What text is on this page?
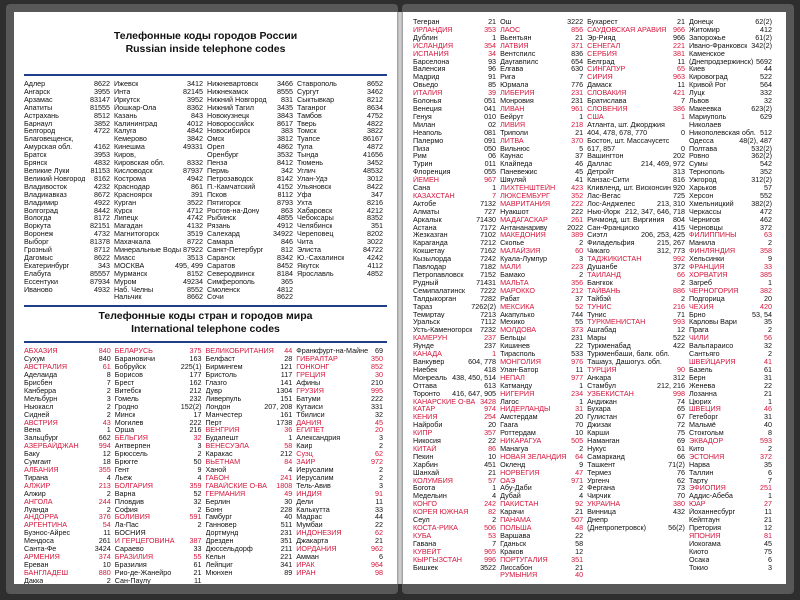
Телефонные коды городов России
Russian inside telephone codes
Адлер	8622
Ангарск	3955
Арзамас	83147
Апатиты	81555
Астрахань	8512
Барнаул	3852
Белгород	4722
Благовещенск,
Амурская обл.	4162
Братск	3953
Брянск	4832
Великие Луки	81153
Великий Новгород 8162
Владивосток	4232
Владикавказ	8672
Владимир	4922
Волгоград	8442
Вологда	8172
Воркута	82151
Воронеж	4732
Выборг	81378
Грозный	8712
Дагомыс	8622
Екатеринбург	343
Елабуга	85557
Ессентуки	87934
Иваново	4932
Ижевск	3412
Инта	82145
Иркутск	3952
Йошкар-Ола	8362
Казань	843
Калининград	4012
Калуга	4842
Кемерово	3842
Кинешма	49331
Киров,
Кировская обл.	8332
Кисловодск	87937
Кострома	4942
Краснодар	861
Красноярск	391
Курган	3522
Курск	4712
Липецк	4742
Магадан	4132
Магнитогорск	3519
Махачкала	8722
Минеральные Воды 87922
Миасс	3513
МОСКВА	495, 499
Мурманск	8152
Муром	49234
Наб. Челны	8552
Нальчик	8662
Нижневартовск	3466
Нижнекамск	8555
Нижний Новгород 831
Нижний Тагил	3435
Новокузнецк	3843
Новороссийск	8617
Новосибирск	383
Омск	3812
Орел	4862
Оренбург	3532
Пенза	8412
Пермь	342
Петрозаводск	8142
П.-Камчатский	4152
Псков	8112
Пятигорск	8793
Ростов-на-Дону	863
Рыбинск	4855
Рязань	4912
Салехард	34922
Самара	846
Санкт-Петербург 812
Саранск	8342
Саратов	8452
Северодвинск	8184
Симферополь	365
Смоленск	4812
Сочи	8622
Ставрополь	8652
Сургут	3462
Сыктывкар	8212
Таганрог	8634
Тамбов	4752
Тверь	4822
Томск	3822
Туапсе	86167
Тула	4872
Тында	41656
Тюмень	3452
Углич	48532
Улан-Удэ	3012
Ульяновск	8422
Уфа	347
Ухта	8216
Хабаровск	4212
Чебоксары	8352
Челябинск	351
Череповец	8202
Чита	3022
Элиста	84722
Ю.-Сахалинск	4242
Якутск	4112
Ярославль	4852
Телефонные коды стран и городов мира
International telephone codes
АБХАЗИЯ	840
Сухум	840
АВСТРАЛИЯ	61
Аделаида	8
Брисбен	7
Канберра	2
Мельбурн	3
Ньюкасл	2
Сидней	2
АВСТРИЯ	43
Вена	1
Зальцбург	662
АЗЕРБАЙДЖАН	994
Баку	12
Сумгаит	18
АЛБАНИЯ	355
Тирана	4
АЛЖИР	213
Алжир	2
АНГОЛА	244
Луанда	2
АНДОРРА	376
АРГЕНТИНА	54
Буэнос-Айрес	11
Мендоса	261
Санта-Фе	3424
АРМЕНИЯ	374
Ереван	10
БАНГЛАДЕШ	880
Дакка	2
БЕЛАРУСЬ	375
Барановичи	163
Бобруйск	225(1)
Борисов	177
Брест	162
Витебск	212
Гомель	232
Гродно	152(2)
Минск	17
Могилев	222
Орша	216
БЕЛЬГИЯ	32
Антверпен	3
Брюссель	2
Брюгге	50
Гент	9
Льеж	4
БОЛГАРИЯ	359
Варна	52
Пловдив	32
София	2
БОЛИВИЯ	591
Ла-Пас	2
БОСНИЯ
И ГЕРЦЕГОВИНА 387
Сараево	33
БРАЗИЛИЯ	55
Бразилия	61
Рио-де-Жанейро	21
Сан-Паулу	11
ВЕЛИКОБРИТАНИЯ 44
Белфаст	28
Бирмингем	121
Бристоль	117
Глазго	141
Дувр	1304
Ливерпуль	151
Лондон	207, 208
Манчестер	161
Перт	1738
ВЕНГРИЯ	36
Будапешт	1
ВЕНЕСУЭЛА	58
Каракас	212
ВЬЕТНАМ	84
Ханой	4
ГАБОН	241
ГАВАЙСКИЕ О-ВА 1808
ГЕРМАНИЯ	49
Берлин	30
Бонн	228
Гамбург	40
Ганновер	511
Дортмунд	231
Дрезден	351
Дюссельдорф	211
Кельн	221
Лейпциг	341
Мюнхен	89
Франкфурт-на-Майне 69
ГИБРАЛТАР	350
ГОНКОНГ	852
ГРЕЦИЯ	30
Афины	210
ГРУЗИЯ	995
Батуми	222
Кутаиси	331
Тбилиси	32
ДАНИЯ	45
ЕГИПЕТ	20
Александрия	3
Каир	2
Суэц	62
ЗАИР	972
Иерусалим	2
Иерусалим	2
Тель-Авив	3
ИНДИЯ	91
Дели	11
Калькутта	33
Мадрас	44
Мумбаи	22
ИНДОНЕЗИЯ	62
Джакарта	21
ИОРДАНИЯ	962
Амман	6
ИРАК	964
ИРАН	98
Тегеран	21
ИРЛАНДИЯ	353
Дублин	1
ИСЛАНДИЯ	354
ИСПАНИЯ	34
Барселона	93
Валенсия	96
Мадрид	91
Овьедо	85
ИТАЛИЯ	39
Болонья	051
Венеция	041
Генуя	010
Милан	02
Неаполь	081
Палермо	091
Пиза	050
Рим	06
Турин	011
Флоренция	055
ЙЕМЕН	967
Сана	1
КАЗАХСТАН	7
Актобе	7132
Алматы	727
Аркалык	71430
Астана	7172
Жезказган	7102
Караганда	7212
Кокшетау	7162
Кызылорда	7242
Павлодар	7182
Петропавловск 7152
Рудный	71431
Семипалатинск 7222
Талдыкорган	7282
Тараз	7262(2)
Темиртау	7213
Уральск	7112
Усть-Каменогорск 7232
КАМЕРУН	237
Яунде	237
КАНАДА	1
Ванкувер	604, 778
Ниебек	418
Монреаль 438, 450, 514
Оттава	613
Торонто 416, 647, 905
КАНАРСКИЕ О-ВА 3428
КАТАР	974
КЕНИЯ	254
Найроби	20
КИПР	357
Никосия	22
КИТАЙ	86
Пекин	10
Харбин	451
Шанхай	21
КОЛУМБИЯ	57
Богота	1
Медельин	4
КОНГО	242
КОРЕЯ ЮЖНАЯ	82
Сеул	2
КОСТА-РИКА	506
КУБА	53
Гавана	7
КУВЕЙТ	965
КЫРГЫЗСТАН	996
Бишкек	3522
Ош	3222
ЛАОС	856
Вьентьян	21
ЛАТВИЯ	371
Вентспилс	836
Даугавпилс	654
Елгава	630
Рига	7
Юрмала	776
ЛИБЕРИЯ	231
Монровия	231
ЛИВАН	961
Бейрут	1
ЛИВИЯ	218
Триполи	21
ЛИТВА	370
Вильнюс	5
Каунас	37
Клайпеда	46
Паневежис	45
Шяуляй	41
ЛИХТЕНШТЕЙН 423
ЛЮКСЕМБУРГ	352
МАВРИТАНИЯ	222
Нуакшот	222
МАДАГАСКАР	261
Антананариву	2022
МАКЕДОНИЯ	389
Скопье	2
МАЛАЙЗИЯ	60
Куала-Лумпур	3
МАЛИ	223
Бамако	2
МАЛЬТА	356
МАРОККО	212
Рабат	37
МЕКСИКА	52
Акапулько	744
Мехико	55
МОЛДОВА	373
Бельцы	231
Кишинев	22
Тирасполь	533
МОНГОЛИЯ	976
Улан-Батор	11
НЕПАЛ	977
Катманду	1
НИГЕРИЯ	234
Лагос	1
НИДЕРЛАНДЫ	31
Амстердам	20
Гаага	70
Роттердам	10
НИКАРАГУА	505
Манагуа	2
НОВАЯ ЗЕЛАНДИЯ 64
Окленд	9
НОРВЕГИЯ	47
ОАЭ	971
Абу-Даби	2
Дубай	4
ПАКИСТАН	92
Карачи	21
ПАНАМА	507
ПОЛЬША	48
Варшава	22
Гданьск	58
Краков	12
ПОРТУГАЛИЯ	351
Лиссабон	21
РУМЫНИЯ	40
Бухарест	21
САУДОВСКАЯ АРАВИЯ 966
Эр-Рияд	966
СЕНЕГАЛ	221
СЕРБИЯ	381
Белград	11
СИНГАПУР	65
СИРИЯ	963
Дамаск	11
СЛОВАКИЯ	421
Братислава	7
СЛОВЕНИЯ	386
США	1
Атланта, шт. Джорджия
404, 478, 678, 770	0
Бостон, шт. Массачусетс
617, 857	0
Вашингтон	202
Даллас	214, 469, 972
Детройт	313
Канзас-Сити	816
Кливленд, шт. Висконсин 920
Лас-Вегас	725
Лос-Анджелес	213, 310
Нью-Йорк 212, 347, 646, 718
Ричмонд, шт. Виргиния 804
Сан-Франциско	415
Сиэтл	206, 253, 425
Филадельфия	215, 267
Чикаго	312, 773
ТАДЖИКИСТАН	992
Душанбе	372
ТАИЛАНД	66
Бангкок	2
ТАЙВАНЬ	886
Тайбэй	2
ТУНИС	216
Тунис	71
ТУРКМЕНИСТАН	993
Ашгабад	12
Мары	522
Туркменабад	422
Туркменбаши, балк. обл.
Ташауз, Дашогуз. обл.
ТУРЦИЯ	90
Анкара	312
Стамбул	212, 216
УЗБЕКИСТАН	998
Андижан	74
Бухара	65
Гулистан	67
Джизак	72
Карши	75
Наманган	69
Нукус	61
Самарканд	66
Ташкент	71(2)
Термез	76
Ургенч	62
Фергана	73
Чирчик	70
УКРАИНА	380
Винница	432
Днепр
(Днепропетровск)	56(2)
Донецк	62(2)
Житомир	412
Запорожье	61(2)
Ивано-Франковск 342(2)
Каменское
(Днепродзержинск) 5692
Киев	44
Кировоград	522
Кривой Рог	564
Луцк	332
Львов	32
Макеевка	623(2)
Мариуполь	629
Николаев
Никополевская обл. 512
Одесса	48(2), 487
Полтава	532(2)
Ровно	362(2)
Сумы	542
Тернополь	352
Ужгород	312(2)
Харьков	57
Херсон	552
Хмельницкий 382(2)
Черкассы	472
Чернигов	462
Черновцы	372
ФИЛИППИНЫ	63
Манила	2
ФИНЛЯНДИЯ	358
Хельсинки	9
ФРАНЦИЯ	33
ХОРВАТИЯ	385
Загреб	1
ЧЕРНОГОРИЯ	382
Подгорица	20
ЧЕХИЯ	420
Брно	53, 54
Карловы Вари	35
Прага	2
ЧИЛИ	56
Вальпараисо	32
Сантьяго	2
ШВЕЙЦАРИЯ	41
Базель	61
Берн	31
Женева	22
Лозанна	21
Цюрих	1
ШВЕЦИЯ	46
Гетеборг	31
Мальмё	40
Стокгольм	8
ЭКВАДОР	593
Кито	2
ЭСТОНИЯ	372
Нарва	35
Таллин	6
Тарту	7
ЭФИОПИЯ	251
Аддис-Абеба	1
ЮАР	27
Йоханнесбург	11
Кейптаун	21
Претория	12
ЯПОНИЯ	81
Иокогама	45
Киото	75
Осака	6
Токио	3
